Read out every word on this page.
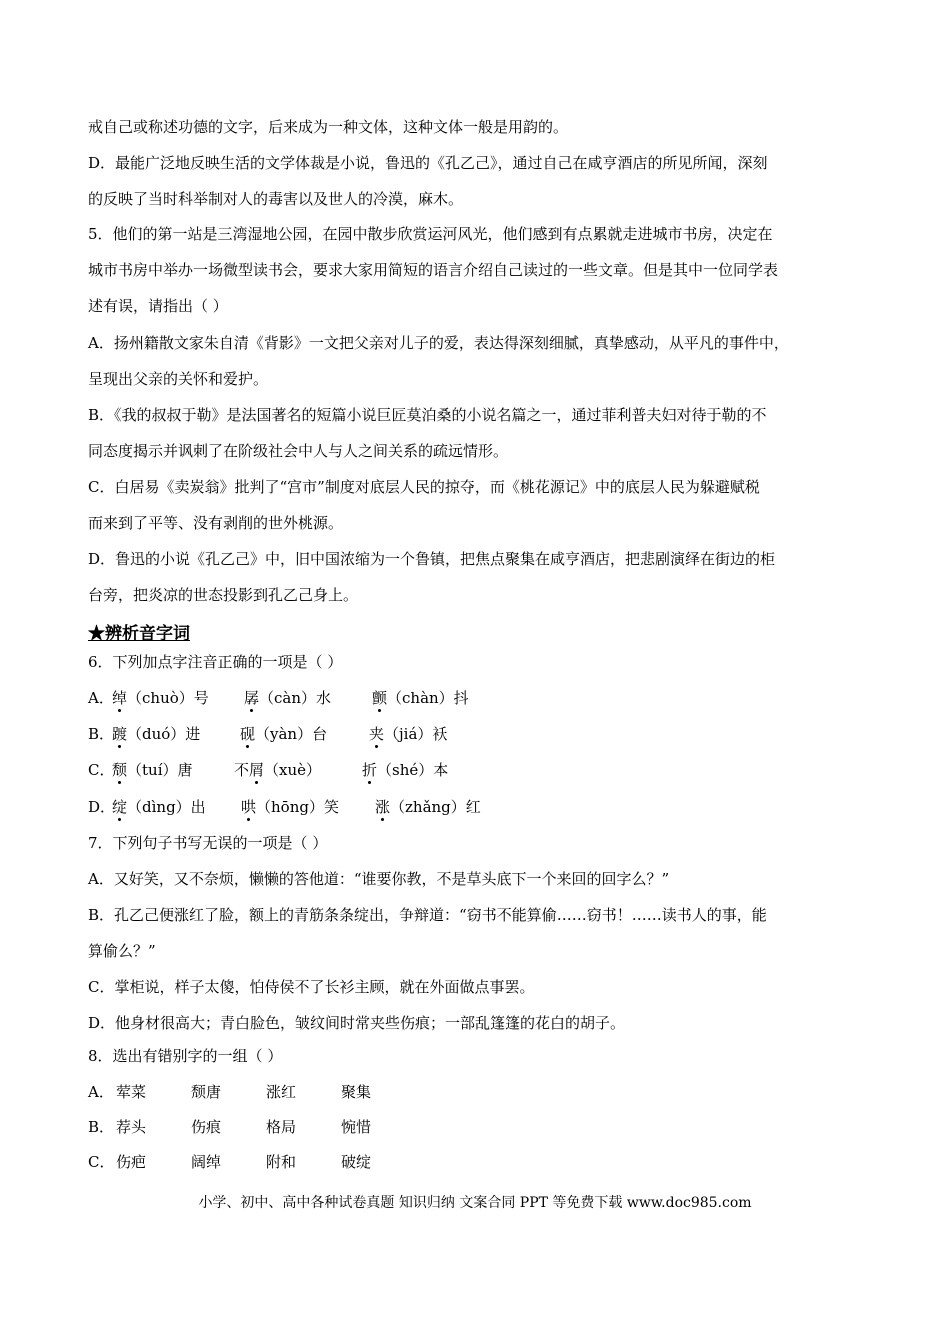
戒自己或称述功德的文字，后来成为一种文体，这种文体一般是用韵的。
D．最能广泛地反映生活的文学体裁是小说，鲁迅的《孔乙己》，通过自己在咸亨酒店的所见所闻，深刻
的反映了当时科举制对人的毒害以及世人的冷漠，麻木。
5．他们的第一站是三湾湿地公园，在园中散步欣赏运河风光，他们感到有点累就走进城市书房，决定在
城市书房中举办一场微型读书会，要求大家用简短的语言介绍自己读过的一些文章。但是其中一位同学表
述有误，请指出（ ）
A．扬州籍散文家朱自清《背影》一文把父亲对儿子的爱，表达得深刻细腻，真挚感动，从平凡的事件中，
呈现出父亲的关怀和爱护。
B．《我的叔叔于勒》是法国著名的短篇小说巨匠莫泊桑的小说名篇之一，通过菲利普夫妇对待于勒的不
同态度揭示并讽刺了在阶级社会中人与人之间关系的疏远情形。
C．白居易《卖炭翁》批判了“宫市”制度对底层人民的掠夺，而《桃花源记》中的底层人民为躲避赋税
而来到了平等、没有剥削的世外桃源。
D．鲁迅的小说《孔乙己》中，旧中国浓缩为一个鲁镇，把焦点聚集在咸亨酒店，把悲剧演绎在街边的柜
台旁，把炎凉的世态投影到孔乙己身上。
★辨析音字词
6．下列加点字注音正确的一项是（ ）
A．
绰（chuò）号 孱（càn）水	颤（chàn）抖
B．
踱（duó）进	砚（yàn）台	夹（jiá）袄
C．
颓（tuí）唐	不屑（xuè）	折（shé）本
D．
绽（dìng）出 哄（hōng）笑 涨（zhǎng）红
7．下列句子书写无误的一项是（ ）
A．又好笑，又不奈烦，懒懒的答他道：“谁要你教，不是草头底下一个来回的回字么？”
B．孔乙己便涨红了脸，额上的青筋条条绽出，争辩道：“窃书不能算偷……窃书！……读书人的事，能
算偷么？”
C．掌柜说，样子太傻，怕侍侯不了长衫主顾，就在外面做点事罢。
D．他身材很高大；青白脸色，皱纹间时常夹些伤痕；一部乱篷篷的花白的胡子。
8．选出有错别字的一组（ ）
A． 荤菜	颓唐	涨红	聚集
B． 荐头	伤痕	格局	惋惜
C． 伤疤	阔绰	附和	破绽
小学、初中、高中各种试卷真题 知识归纳 文案合同 PPT 等免费下载 www.doc985.com
